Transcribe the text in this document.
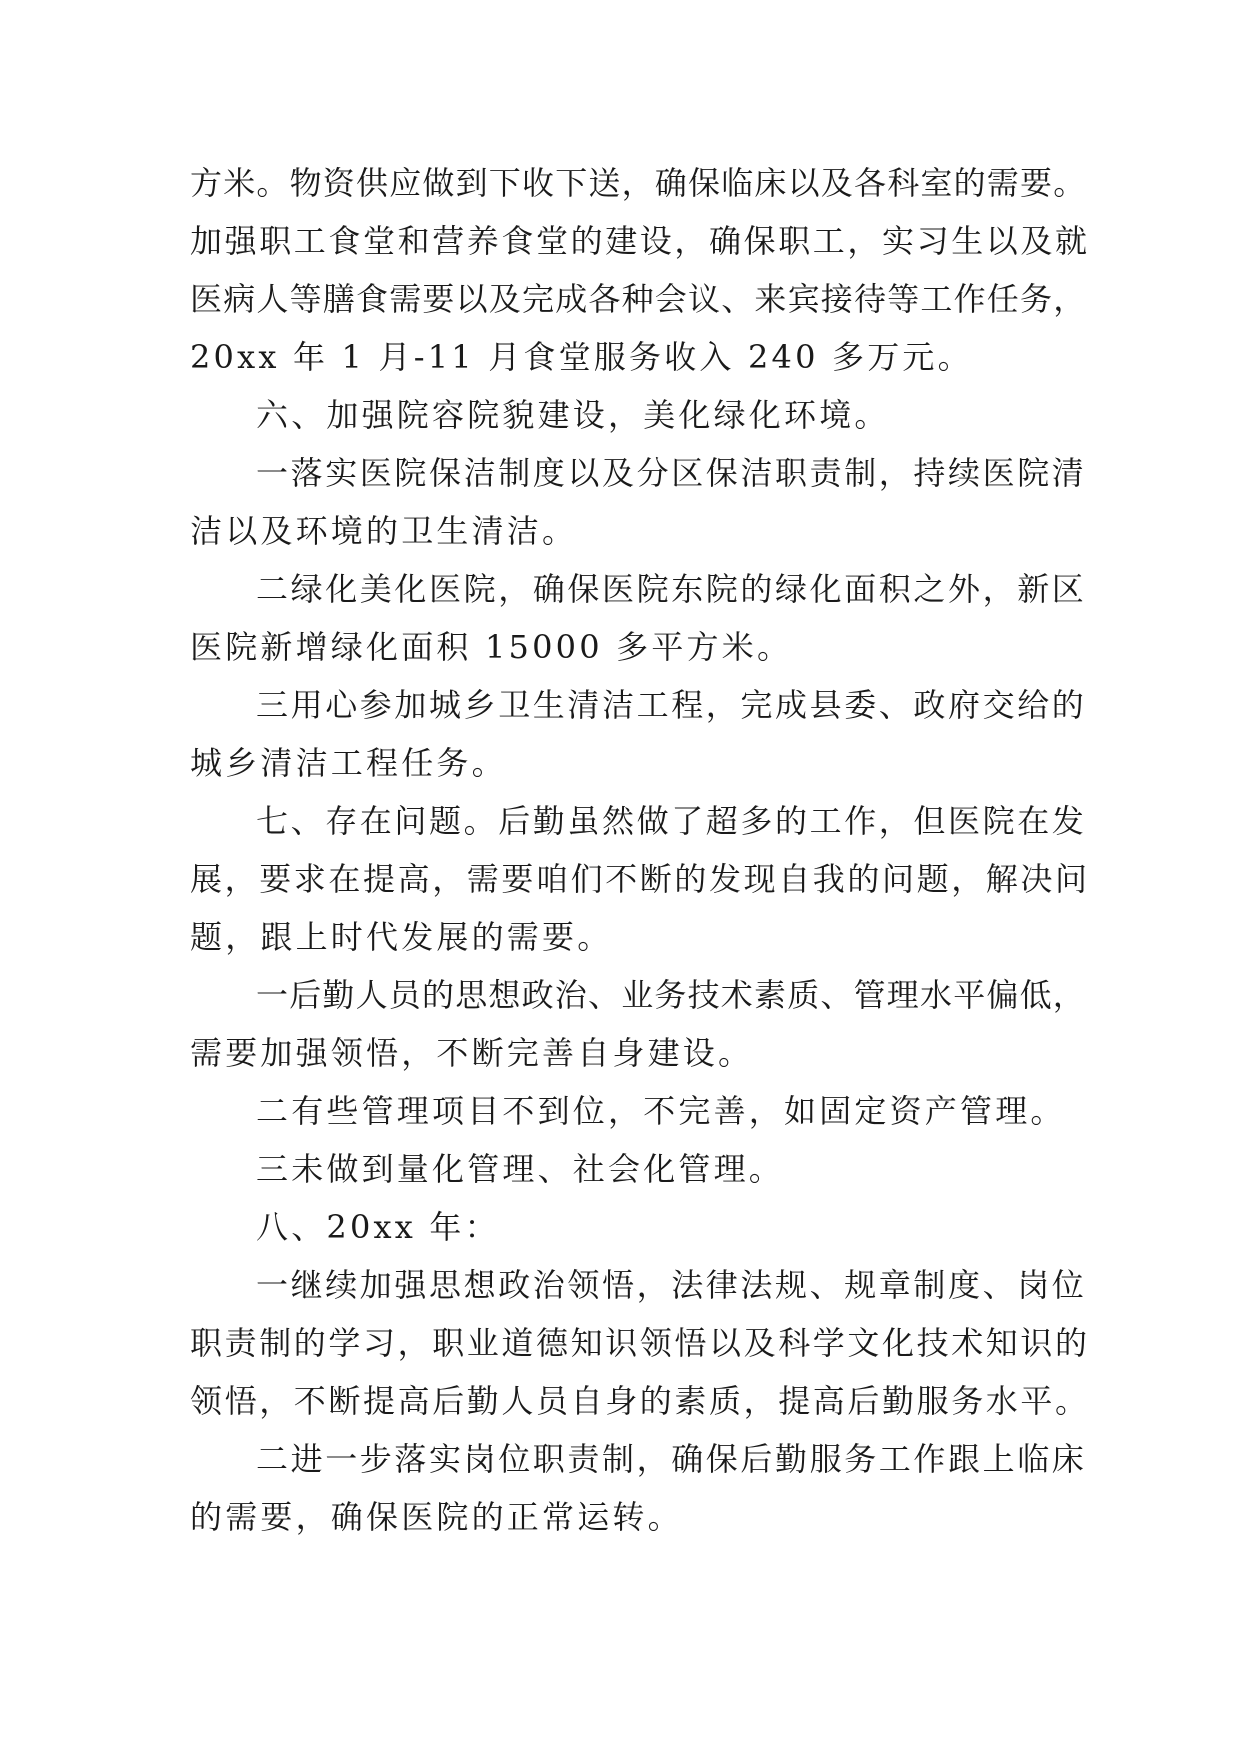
方米。物资供应做到下收下送，确保临床以及各科室的需要。
加强职工食堂和营养食堂的建设，确保职工，实习生以及就
医病人等膳食需要以及完成各种会议、来宾接待等工作任务，
20xx 年 1 月-11 月食堂服务收入 240 多万元。
六、加强院容院貌建设，美化绿化环境。
一落实医院保洁制度以及分区保洁职责制，持续医院清
洁以及环境的卫生清洁。
二绿化美化医院，确保医院东院的绿化面积之外，新区
医院新增绿化面积 15000 多平方米。
三用心参加城乡卫生清洁工程，完成县委、政府交给的
城乡清洁工程任务。
七、存在问题。后勤虽然做了超多的工作，但医院在发
展，要求在提高，需要咱们不断的发现自我的问题，解决问
题，跟上时代发展的需要。
一后勤人员的思想政治、业务技术素质、管理水平偏低，
需要加强领悟，不断完善自身建设。
二有些管理项目不到位，不完善，如固定资产管理。
三未做到量化管理、社会化管理。
八、20xx 年：
一继续加强思想政治领悟，法律法规、规章制度、岗位
职责制的学习，职业道德知识领悟以及科学文化技术知识的
领悟，不断提高后勤人员自身的素质，提高后勤服务水平。
二进一步落实岗位职责制，确保后勤服务工作跟上临床
的需要，确保医院的正常运转。
